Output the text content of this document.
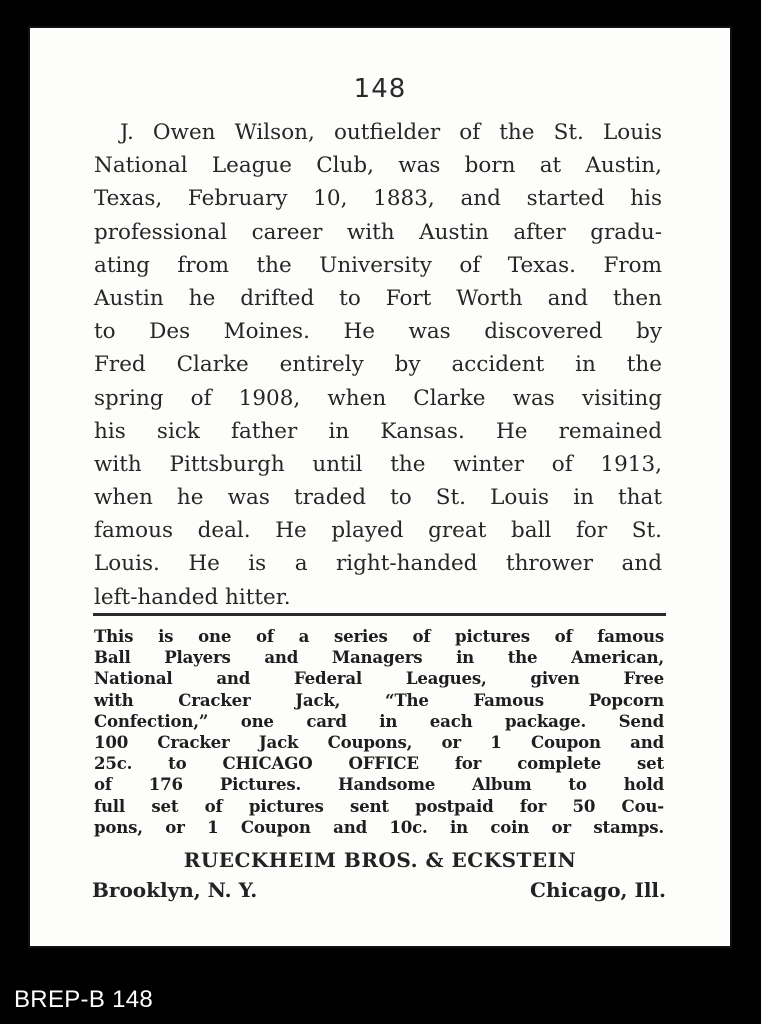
148
J. Owen Wilson, outfielder of the St. Louis
National League Club, was born at Austin,
Texas, February 10, 1883, and started his
professional career with Austin after gradu-
ating from the University of Texas. From
Austin he drifted to Fort Worth and then
to Des Moines. He was discovered by
Fred Clarke entirely by accident in the
spring of 1908, when Clarke was visiting
his sick father in Kansas. He remained
with Pittsburgh until the winter of 1913,
when he was traded to St. Louis in that
famous deal. He played great ball for St.
Louis. He is a right-handed thrower and
left-handed hitter.
This is one of a series of pictures of famous
Ball Players and Managers in the American,
National and Federal Leagues, given Free
with Cracker Jack, “The Famous Popcorn
Confection,” one card in each package. Send
100 Cracker Jack Coupons, or 1 Coupon and
25c. to CHICAGO OFFICE for complete set
of 176 Pictures. Handsome Album to hold
full set of pictures sent postpaid for 50 Cou-
pons, or 1 Coupon and 10c. in coin or stamps.
RUECKHEIM BROS. & ECKSTEIN
Brooklyn, N. Y.	Chicago, Ill.
BREP-B 148
